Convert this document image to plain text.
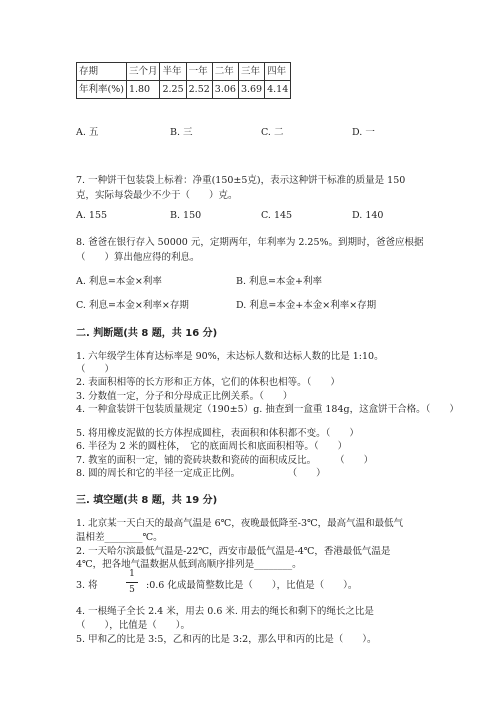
存期	三个月	半年	一年	二年	三年	四年
年利率(%)	1.80	2.25	2.52	3.06	3.69	4.14
A. 五	B. 三	C. 二	D. 一
7. 一种饼干包装袋上标着：净重(150±5克)，表示这种饼干标准的质量是 150
克，实际每袋最少不少于（　　）克。
A. 155	B. 150	C. 145	D. 140
8. 爸爸在银行存入 50000 元，定期两年，年利率为 2.25%。到期时，爸爸应根据
（　　）算出他应得的利息。
A. 利息=本金×利率	B. 利息=本金+利率
C. 利息=本金×利率×存期	D. 利息=本金+本金×利率×存期
二. 判断题(共 8 题，共 16 分)
1. 六年级学生体育达标率是 90%，未达标人数和达标人数的比是 1:10。
（　　）
2. 表面积相等的长方形和正方体，它们的体积也相等。（　　）
3. 分数值一定，分子和分母成正比例关系。（　　）
4. 一种盒装饼干包装质量规定（190±5）g. 抽查到一盒重 184g，这盒饼干合格。（　　）
5. 将用橡皮泥做的长方体捏成圆柱，表面积和体积都不变。（　　）
6. 半径为 2 米的圆柱体，　它的底面周长和底面积相等。（　　）
7. 教室的面积一定，铺的瓷砖块数和瓷砖的面积成反比。　　　（　　）
8. 圆的周长和它的半径一定成正比例。　　　　　　（　　）
三. 填空题(共 8 题，共 19 分)
1. 北京某一天白天的最高气温是 6℃，夜晚最低降至-3℃，最高气温和最低气
温相差________℃。
2. 一天哈尔滨最低气温是-22℃，西安市最低气温是-4℃，香港最低气温是
4℃，把各地气温数据从低到高顺序排列是________。
3. 将
1
5	:0.6 化成最简整数比是（　　），比值是（　　）。
4. 一根绳子全长 2.4 米，用去 0.6 米. 用去的绳长和剩下的绳长之比是
（　　），比值是（　　）。
5. 甲和乙的比是 3:5，乙和丙的比是 3:2，那么甲和丙的比是（　　）。
